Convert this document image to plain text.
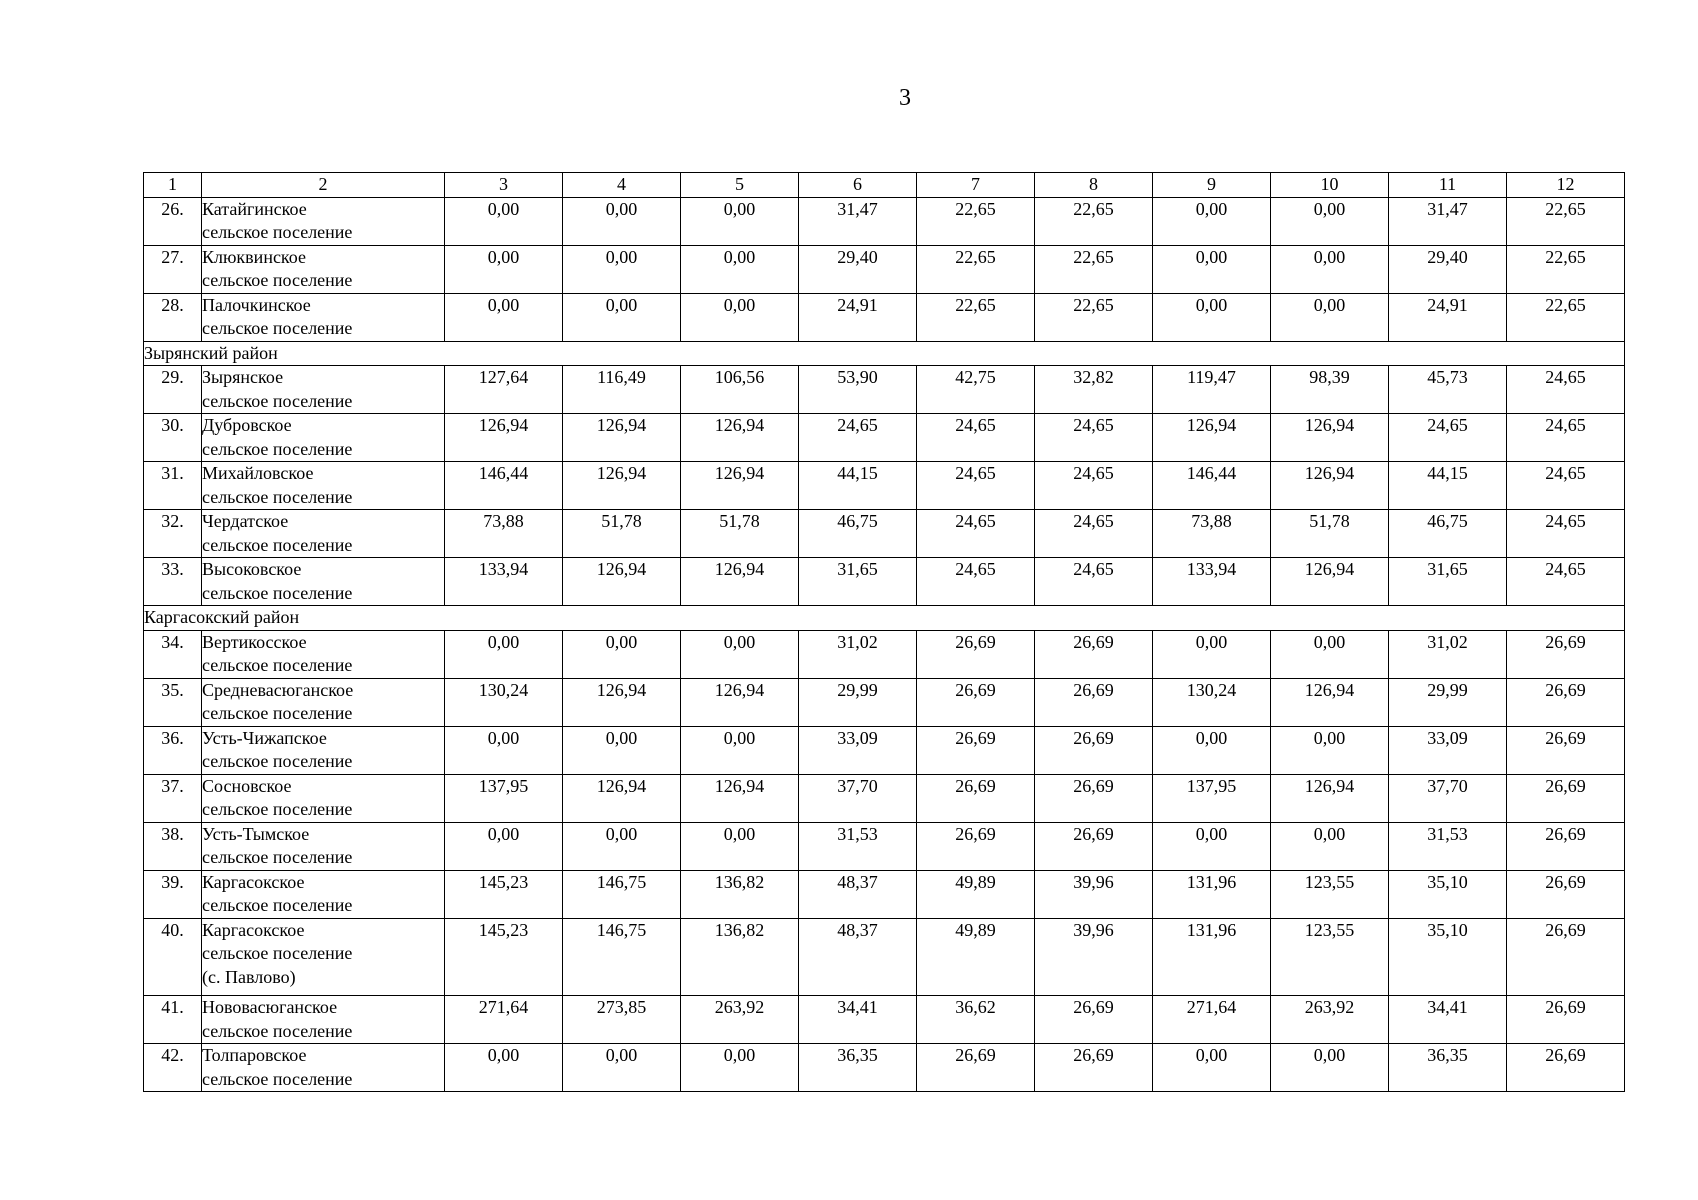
3
1	2	3	4	5	6	7	8	9	10	11	12
26.	Катайгинское
сельское поселение	0,00	0,00	0,00	31,47	22,65	22,65	0,00	0,00	31,47	22,65
27.	Клюквинское
сельское поселение	0,00	0,00	0,00	29,40	22,65	22,65	0,00	0,00	29,40	22,65
28.	Палочкинское
сельское поселение	0,00	0,00	0,00	24,91	22,65	22,65	0,00	0,00	24,91	22,65
Зырянский район											
29.	Зырянское
сельское поселение	127,64	116,49	106,56	53,90	42,75	32,82	119,47	98,39	45,73	24,65
30.	Дубровское
сельское поселение	126,94	126,94	126,94	24,65	24,65	24,65	126,94	126,94	24,65	24,65
31.	Михайловское
сельское поселение	146,44	126,94	126,94	44,15	24,65	24,65	146,44	126,94	44,15	24,65
32.	Чердатское
сельское поселение	73,88	51,78	51,78	46,75	24,65	24,65	73,88	51,78	46,75	24,65
33.	Высоковское
сельское поселение	133,94	126,94	126,94	31,65	24,65	24,65	133,94	126,94	31,65	24,65
Каргасокский район											
34.	Вертикосское
сельское поселение	0,00	0,00	0,00	31,02	26,69	26,69	0,00	0,00	31,02	26,69
35.	Средневасюганское
сельское поселение	130,24	126,94	126,94	29,99	26,69	26,69	130,24	126,94	29,99	26,69
36.	Усть-Чижапское
сельское поселение	0,00	0,00	0,00	33,09	26,69	26,69	0,00	0,00	33,09	26,69
37.	Сосновское
сельское поселение	137,95	126,94	126,94	37,70	26,69	26,69	137,95	126,94	37,70	26,69
38.	Усть-Тымское
сельское поселение	0,00	0,00	0,00	31,53	26,69	26,69	0,00	0,00	31,53	26,69
39.	Каргасокское
сельское поселение	145,23	146,75	136,82	48,37	49,89	39,96	131,96	123,55	35,10	26,69
40.	Каргасокское
сельское поселение
(с. Павлово)	145,23	146,75	136,82	48,37	49,89	39,96	131,96	123,55	35,10	26,69
41.	Нововасюганское
сельское поселение	271,64	273,85	263,92	34,41	36,62	26,69	271,64	263,92	34,41	26,69
42.	Толпаровское
сельское поселение	0,00	0,00	0,00	36,35	26,69	26,69	0,00	0,00	36,35	26,69
